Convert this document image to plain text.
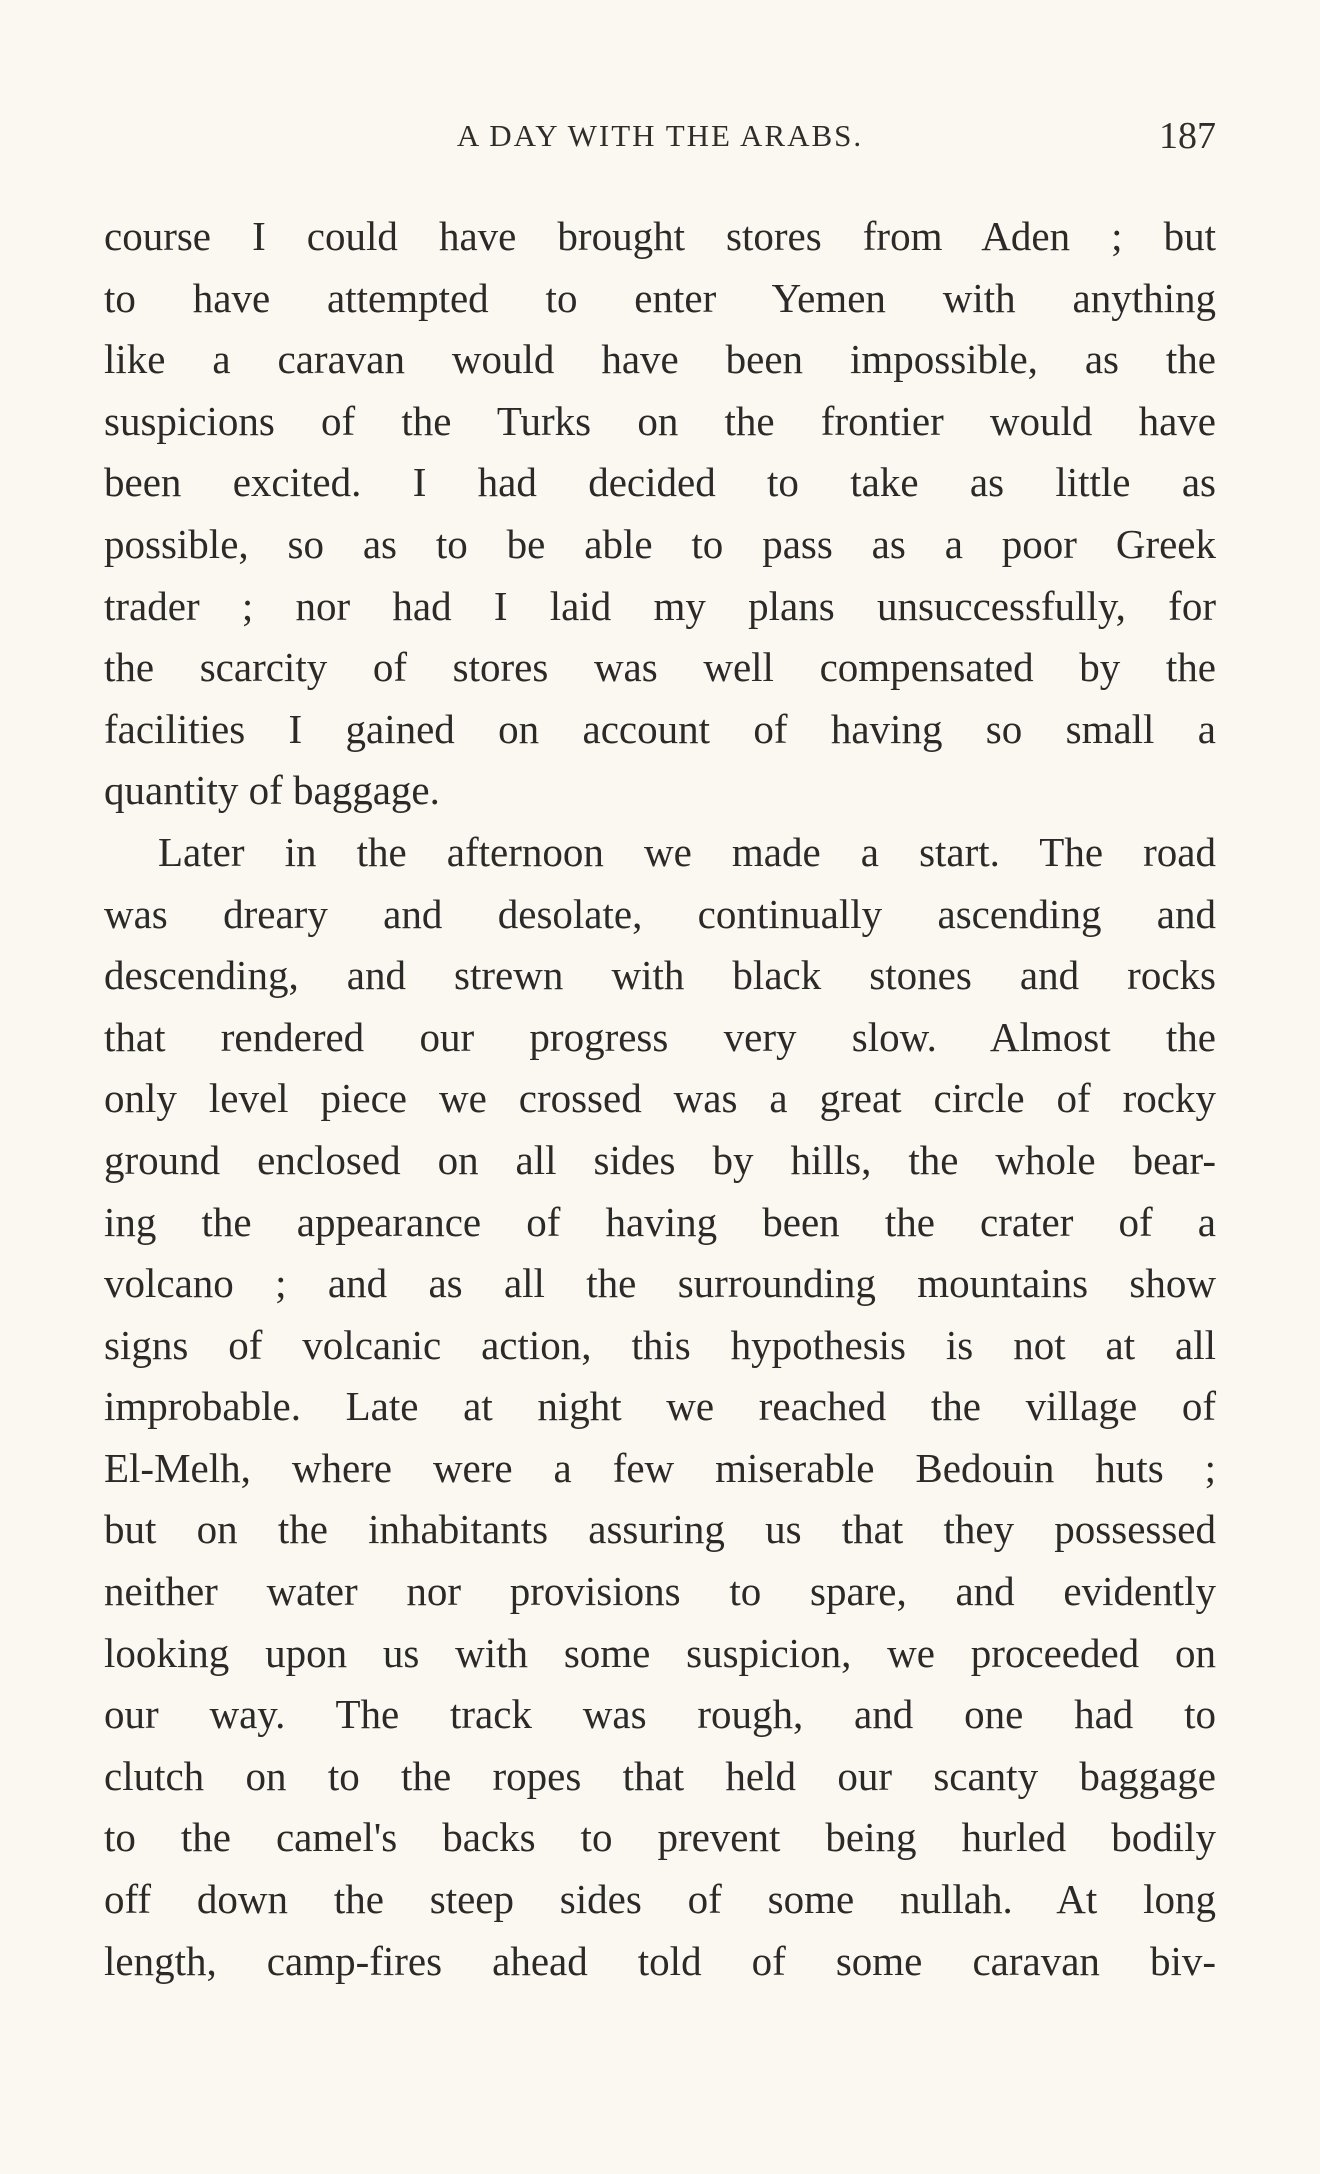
A DAY WITH THE ARABS.	187
course I could have brought stores from Aden ; but
to have attempted to enter Yemen with anything
like a caravan would have been impossible, as the
suspicions of the Turks on the frontier would have
been excited. I had decided to take as little as
possible, so as to be able to pass as a poor Greek
trader ; nor had I laid my plans unsuccessfully, for
the scarcity of stores was well compensated by the
facilities I gained on account of having so small a
quantity of baggage.
Later in the afternoon we made a start. The road
was dreary and desolate, continually ascending and
descending, and strewn with black stones and rocks
that rendered our progress very slow. Almost the
only level piece we crossed was a great circle of rocky
ground enclosed on all sides by hills, the whole bear-
ing the appearance of having been the crater of a
volcano ; and as all the surrounding mountains show
signs of volcanic action, this hypothesis is not at all
improbable. Late at night we reached the village of
El-Melh, where were a few miserable Bedouin huts ;
but on the inhabitants assuring us that they possessed
neither water nor provisions to spare, and evidently
looking upon us with some suspicion, we proceeded on
our way. The track was rough, and one had to
clutch on to the ropes that held our scanty baggage
to the camel's backs to prevent being hurled bodily
off down the steep sides of some nullah. At long
length, camp-fires ahead told of some caravan biv-
